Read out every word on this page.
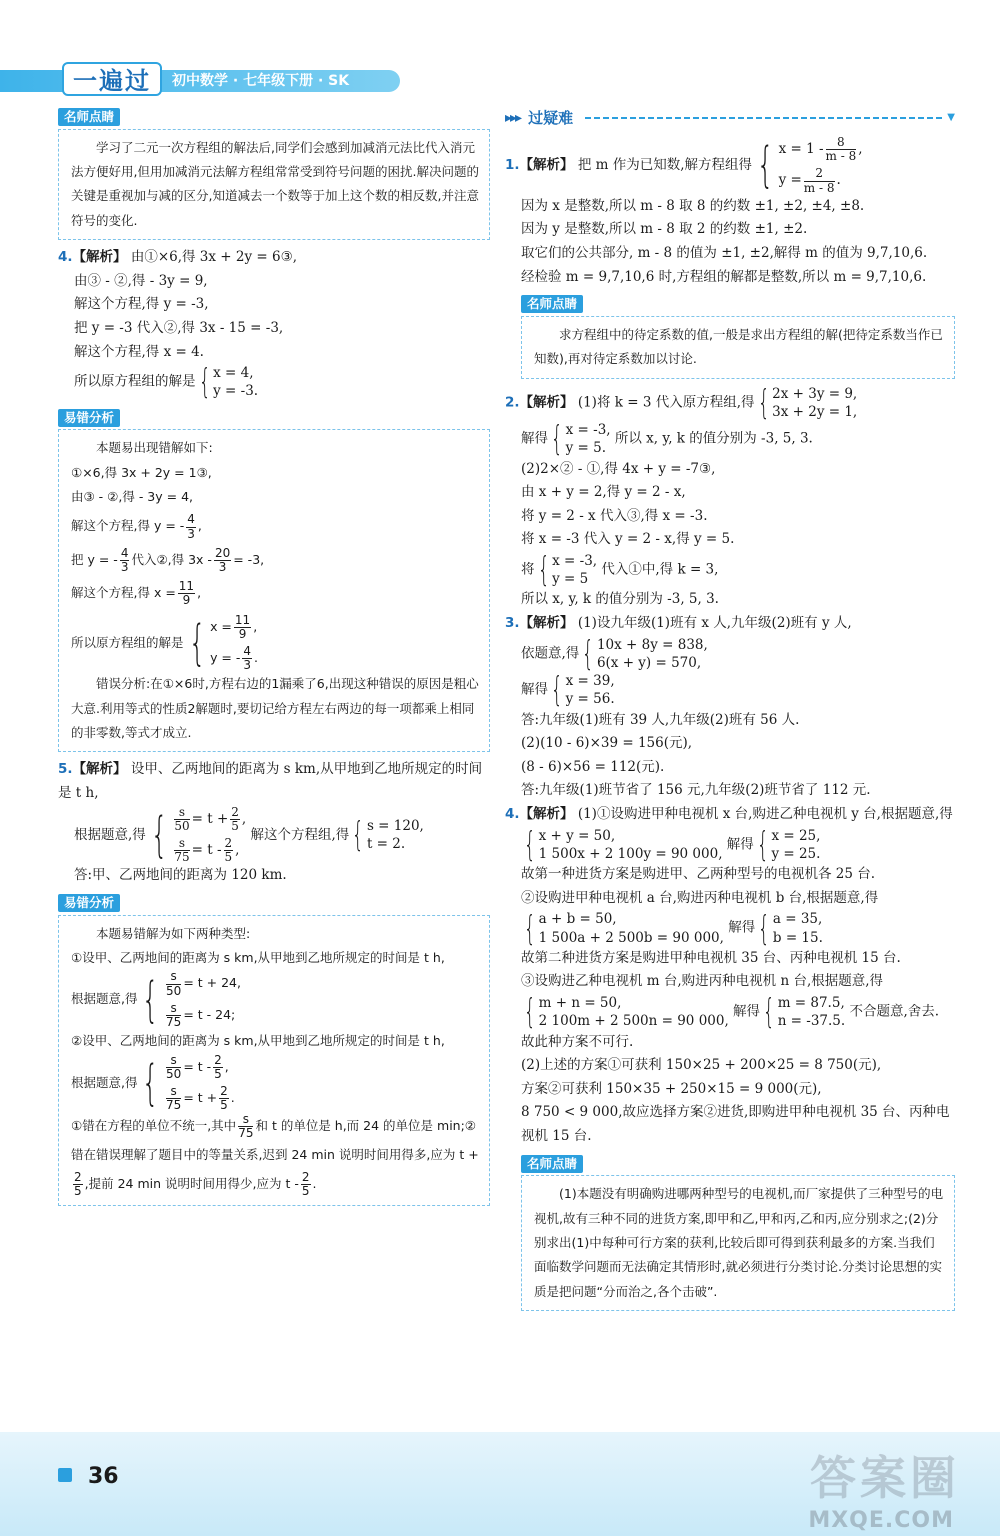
一遍过	初中数学 · 七年级下册 · SK
名师点睛

学习了二元一次方程组的解法后,同学们会感到加减消元法比代入消元法方便好用,但用加减消元法解方程组常常受到符号问题的困扰.解决问题的关键是重视加与减的区分,知道减去一个数等于加上这个数的相反数,并注意符号的变化.

4.【解析】 由①×6,得 3x + 2y = 6③,
由③ - ②,得 - 3y = 9,
解这个方程,得 y = -3,
把 y = -3 代入②,得 3x - 15 = -3,
解这个方程,得 x = 4.
所以原方程组的解是 { x = 4,
y = -3.
易错分析

本题易出现错解如下:

①×6,得 3x + 2y = 1③,

由③ - ②,得 - 3y = 4,

解这个方程,得 y = - $\frac{4}{3}$ ,

把 y = - $\frac{4}{3}$ 代入②,得 $3x - \frac{20}{3} = -3$,

解这个方程,得 $x = \frac{11}{9}$ ,

所以原方程组的解是 { $x = \frac{11}{9}$ ,
y = - $\frac{4}{3}$ .

错误分析:在①×6时,方程右边的1漏乘了6,出现这种错误的原因是粗心大意.利用等式的性质2解题时,要切记给方程左右两边的每一项都乘上相同的非零数,等式才成立.

5.【解析】 设甲、乙两地间的距离为 s km,从甲地到乙地所规定的时间是 t h,
根据题意,得 { $\frac{s}{50} = t + \frac{2}{5}$ ,
$\frac{s}{75} = t - \frac{2}{5}$ ,
解这个方程组,得 { s = 120,
t = 2.
答:甲、乙两地间的距离为 120 km.
易错分析

本题易错解为如下两种类型:

①设甲、乙两地间的距离为 s km,从甲地到乙地所规定的时间是 t h,

根据题意,得 { $\frac{s}{50} = t + 24$,
$\frac{s}{75} = t - 24$;

②设甲、乙两地间的距离为 s km,从甲地到乙地所规定的时间是 t h,

根据题意,得 { $\frac{s}{50} = t - \frac{2}{5}$ ,
$\frac{s}{75} = t + \frac{2}{5}$ .

①错在方程的单位不统一,其中 $\frac{s}{75}$ 和 t 的单位是 h,而 24 的单位是 min;②错在错误理解了题目中的等量关系,迟到 24 min 说明时间用得多,应为 t +
$\frac{2}{5}$ ,提前 24 min 说明时间用得少,应为 t - $\frac{2}{5}$ .

▸▸▸ 过疑难	▼
1.【解析】 把 m 作为已知数,解方程组得 { $x = 1 - \frac{8}{m - 8}$ ,
$y = \frac{2}{m - 8}$ .
因为 x 是整数,所以 m - 8 取 8 的约数 ±1, ±2, ±4, ±8.
因为 y 是整数,所以 m - 8 取 2 的约数 ±1, ±2.
取它们的公共部分, m - 8 的值为 ±1, ±2,解得 m 的值为 9,7,10,6.
经检验 m = 9,7,10,6 时,方程组的解都是整数,所以 m = 9,7,10,6.
名师点睛

求方程组中的待定系数的值,一般是求出方程组的解(把待定系数当作已知数),再对待定系数加以讨论.

2.【解析】 (1)将 k = 3 代入原方程组,得 { 2x + 3y = 9,
3x + 2y = 1,
解得 { x = -3,
y = 5.
所以 x, y, k 的值分别为 -3, 5, 3.
(2)2×② - ①,得 4x + y = -7③,
由 x + y = 2,得 y = 2 - x,
将 y = 2 - x 代入③,得 x = -3.
将 x = -3 代入 y = 2 - x,得 y = 5.
将 { x = -3,
y = 5
代入①中,得 k = 3,
所以 x, y, k 的值分别为 -3, 5, 3.
3.【解析】 (1)设九年级(1)班有 x 人,九年级(2)班有 y 人,
依题意,得 { 10x + 8y = 838,
6(x + y) = 570,
解得 { x = 39,
y = 56.
答:九年级(1)班有 39 人,九年级(2)班有 56 人.
(2)(10 - 6)×39 = 156(元),
(8 - 6)×56 = 112(元).
答:九年级(1)班节省了 156 元,九年级(2)班节省了 112 元.
4.【解析】 (1)①设购进甲种电视机 x 台,购进乙种电视机 y 台,根据题意,得
{ x + y = 50,
1 500x + 2 100y = 90 000,
解得 { x = 25,
y = 25.
故第一种进货方案是购进甲、乙两种型号的电视机各 25 台.
②设购进甲种电视机 a 台,购进丙种电视机 b 台,根据题意,得
{ a + b = 50,
1 500a + 2 500b = 90 000,
解得 { a = 35,
b = 15.
故第二种进货方案是购进甲种电视机 35 台、丙种电视机 15 台.
③设购进乙种电视机 m 台,购进丙种电视机 n 台,根据题意,得
{ m + n = 50,
2 100m + 2 500n = 90 000,
解得 { m = 87.5,
n = -37.5.
不合题意,舍去.
故此种方案不可行.
(2)上述的方案①可获利 150×25 + 200×25 = 8 750(元),
方案②可获利 150×35 + 250×15 = 9 000(元),
8 750 < 9 000,故应选择方案②进货,即购进甲种电视机 35 台、丙种电视机 15 台.
名师点睛

(1)本题没有明确购进哪两种型号的电视机,而厂家提供了三种型号的电视机,故有三种不同的进货方案,即甲和乙,甲和丙,乙和丙,应分别求之;(2)分别求出(1)中每种可行方案的获利,比较后即可得到获利最多的方案.当我们面临数学问题而无法确定其情形时,就必须进行分类讨论.分类讨论思想的实质是把问题“分而治之,各个击破”.

36	答案圈
MXQE.COM
